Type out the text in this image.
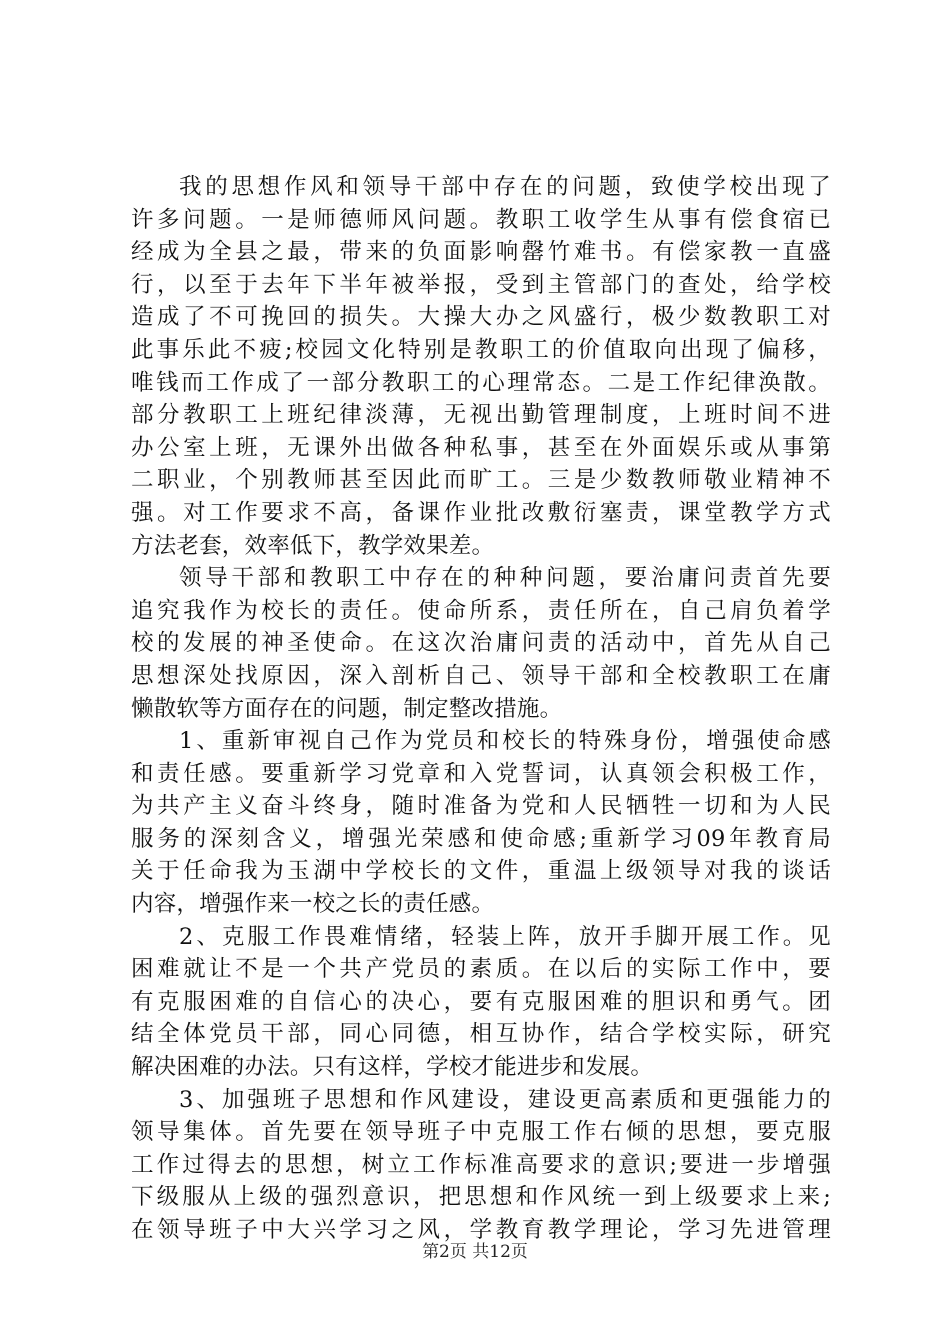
我的思想作风和领导干部中存在的问题，致使学校出现了
许多问题。一是师德师风问题。教职工收学生从事有偿食宿已
经成为全县之最，带来的负面影响罄竹难书。有偿家教一直盛
行，以至于去年下半年被举报，受到主管部门的查处，给学校
造成了不可挽回的损失。大操大办之风盛行，极少数教职工对
此事乐此不疲;校园文化特别是教职工的价值取向出现了偏移，
唯钱而工作成了一部分教职工的心理常态。二是工作纪律涣散。
部分教职工上班纪律淡薄，无视出勤管理制度，上班时间不进
办公室上班，无课外出做各种私事，甚至在外面娱乐或从事第
二职业，个别教师甚至因此而旷工。三是少数教师敬业精神不
强。对工作要求不高，备课作业批改敷衍塞责，课堂教学方式
方法老套，效率低下，教学效果差。
领导干部和教职工中存在的种种问题，要治庸问责首先要
追究我作为校长的责任。使命所系，责任所在，自己肩负着学
校的发展的神圣使命。在这次治庸问责的活动中，首先从自己
思想深处找原因，深入剖析自己、领导干部和全校教职工在庸
懒散软等方面存在的问题，制定整改措施。
1、重新审视自己作为党员和校长的特殊身份，增强使命感
和责任感。要重新学习党章和入党誓词，认真领会积极工作，
为共产主义奋斗终身，随时准备为党和人民牺牲一切和为人民
服务的深刻含义，增强光荣感和使命感;重新学习09年教育局
关于任命我为玉湖中学校长的文件，重温上级领导对我的谈话
内容，增强作来一校之长的责任感。
2、克服工作畏难情绪，轻装上阵，放开手脚开展工作。见
困难就让不是一个共产党员的素质。在以后的实际工作中，要
有克服困难的自信心的决心，要有克服困难的胆识和勇气。团
结全体党员干部，同心同德，相互协作，结合学校实际，研究
解决困难的办法。只有这样，学校才能进步和发展。
3、加强班子思想和作风建设，建设更高素质和更强能力的
领导集体。首先要在领导班子中克服工作右倾的思想，要克服
工作过得去的思想，树立工作标准高要求的意识;要进一步增强
下级服从上级的强烈意识，把思想和作风统一到上级要求上来;
在领导班子中大兴学习之风，学教育教学理论，学习先进管理
第2页 共12页
